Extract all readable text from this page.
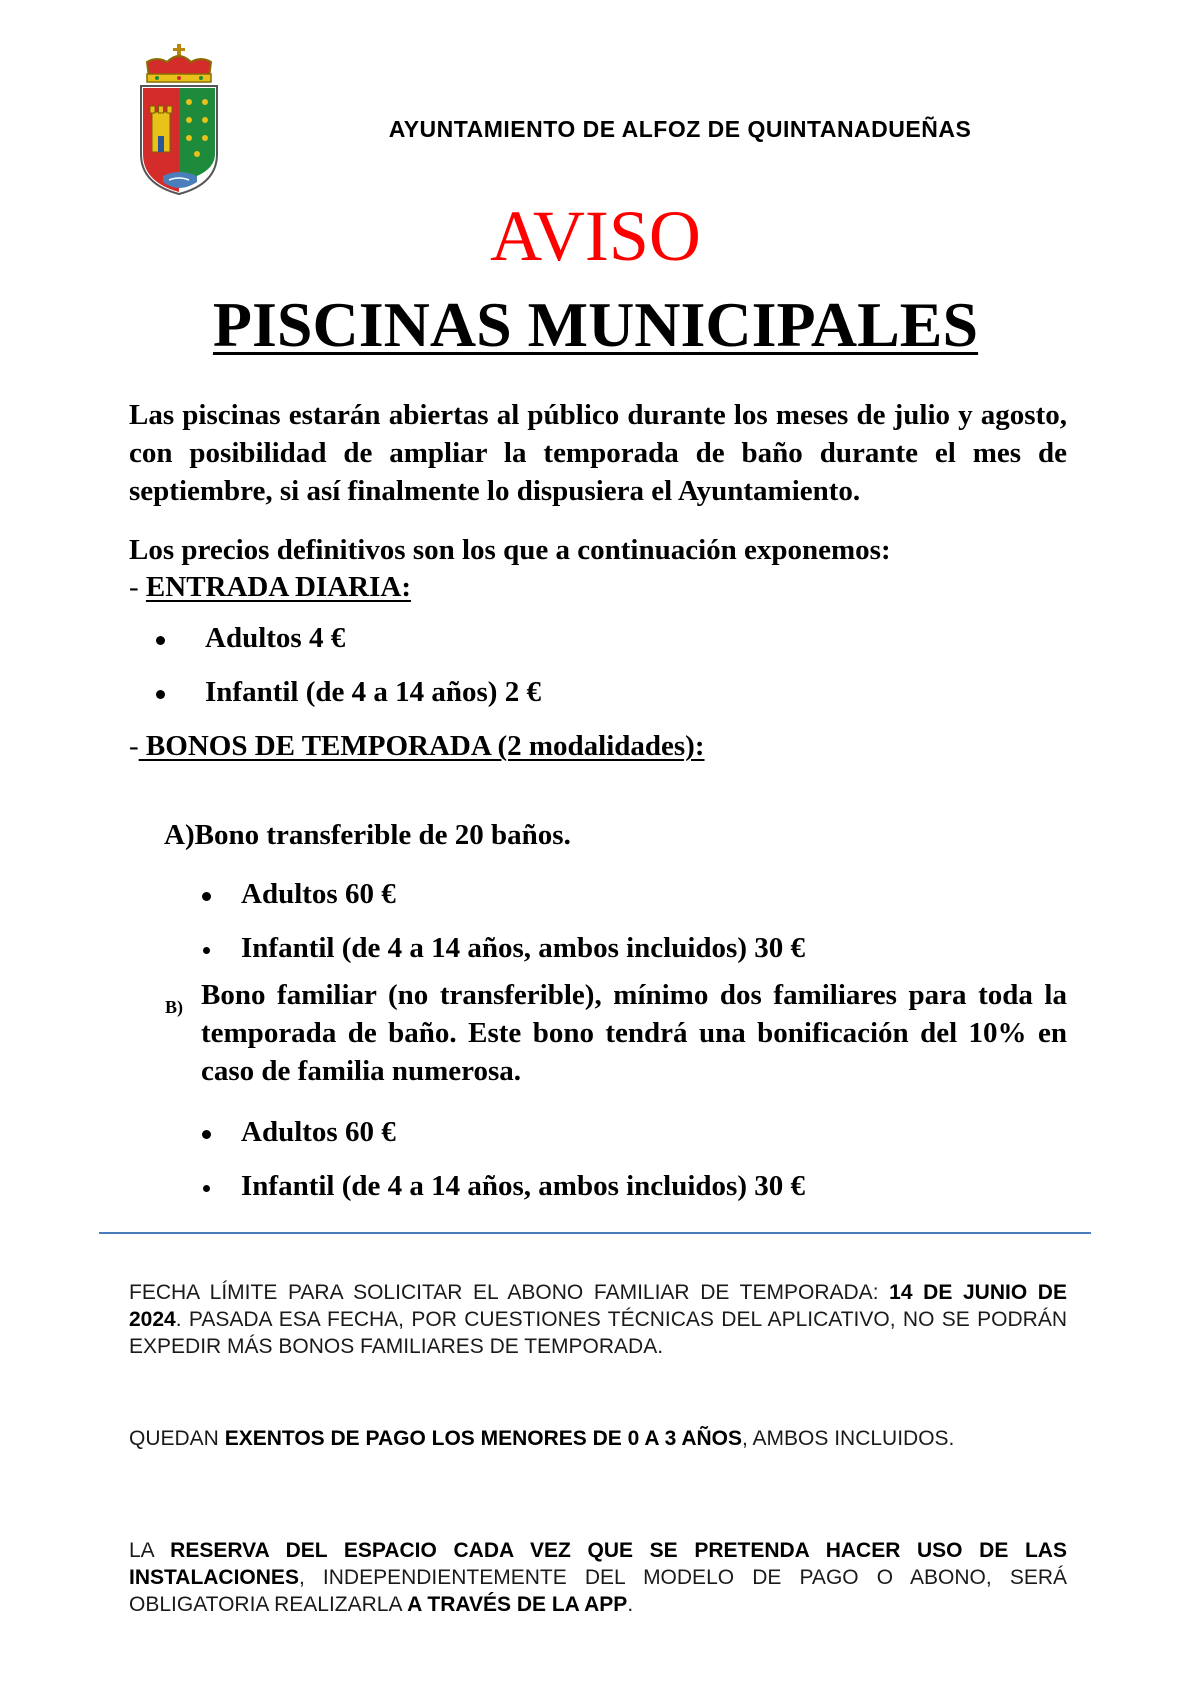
AYUNTAMIENTO DE ALFOZ DE QUINTANADUEÑAS
AVISO
PISCINAS MUNICIPALES
Las piscinas estarán abiertas al público durante los meses de julio y agosto, con posibilidad de ampliar la temporada de baño durante el mes de septiembre, si así finalmente lo dispusiera el Ayuntamiento.
Los precios definitivos son los que a continuación exponemos:
- ENTRADA DIARIA:
Adultos 4 €
Infantil (de 4 a 14 años) 2 €
- BONOS DE TEMPORADA (2 modalidades):
A)Bono transferible de 20 baños.
Adultos 60 €
Infantil (de 4 a 14 años, ambos incluidos) 30 €
B) Bono familiar (no transferible), mínimo dos familiares para toda la temporada de baño. Este bono tendrá una bonificación del 10% en caso de familia numerosa.
Adultos 60 €
Infantil (de 4 a 14 años, ambos incluidos) 30 €
FECHA LÍMITE PARA SOLICITAR EL ABONO FAMILIAR DE TEMPORADA: 14 DE JUNIO DE 2024. PASADA ESA FECHA, POR CUESTIONES TÉCNICAS DEL APLICATIVO, NO SE PODRÁN EXPEDIR MÁS BONOS FAMILIARES DE TEMPORADA.
QUEDAN EXENTOS DE PAGO LOS MENORES DE 0 A 3 AÑOS, AMBOS INCLUIDOS.
LA RESERVA DEL ESPACIO CADA VEZ QUE SE PRETENDA HACER USO DE LAS INSTALACIONES, INDEPENDIENTEMENTE DEL MODELO DE PAGO O ABONO, SERÁ OBLIGATORIA REALIZARLA A TRAVÉS DE LA APP.
